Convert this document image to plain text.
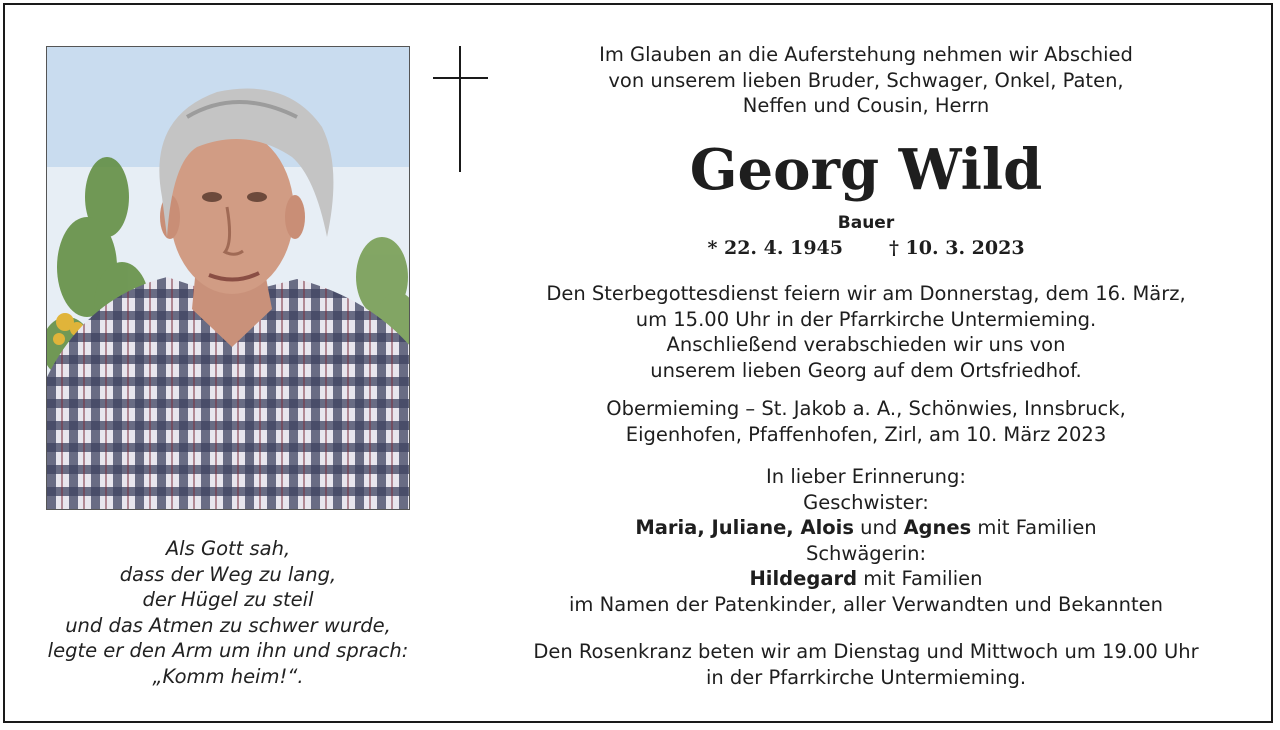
Als Gott sah,
dass der Weg zu lang,
der Hügel zu steil
und das Atmen zu schwer wurde,
legte er den Arm um ihn und sprach:
„Komm heim!“.
Im Glauben an die Auferstehung nehmen wir Abschied
von unserem lieben Bruder, Schwager, Onkel, Paten,
Neffen und Cousin, Herrn
Georg Wild
Bauer
* 22. 4. 1945 † 10. 3. 2023
Den Sterbegottesdienst feiern wir am Donnerstag, dem 16. März,
um 15.00 Uhr in der Pfarrkirche Untermieming.
Anschließend verabschieden wir uns von
unserem lieben Georg auf dem Ortsfriedhof.
Obermieming – St. Jakob a. A., Schönwies, Innsbruck,
Eigenhofen, Pfaffenhofen, Zirl, am 10. März 2023
In lieber Erinnerung:
Geschwister:
Maria, Juliane, Alois und Agnes mit Familien
Schwägerin:
Hildegard mit Familien
im Namen der Patenkinder, aller Verwandten und Bekannten
Den Rosenkranz beten wir am Dienstag und Mittwoch um 19.00 Uhr
in der Pfarrkirche Untermieming.
